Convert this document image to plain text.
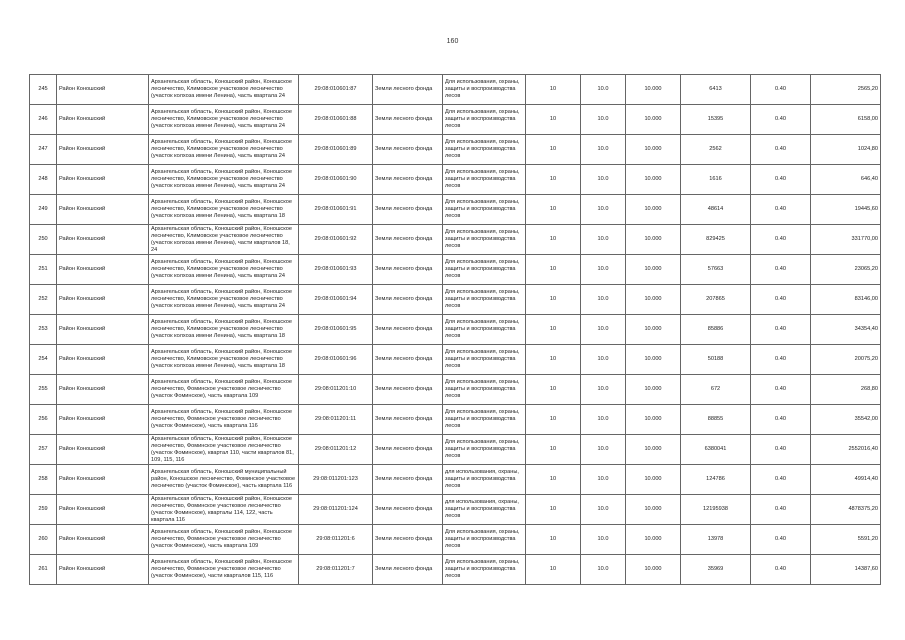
160
245	Район Коношский	Архангельская область, Коношский район, Коношское лесничество, Климовское участковое лесничество (участок колхоза имени Ленина), часть квартала 24	29:08:010601:87	Земли лесного фонда	Для использования, охраны, защиты и воспроизводства лесов	10	10.0	10.000	6413	0.40	2565,20
246	Район Коношский	Архангельская область, Коношский район, Коношское лесничество, Климовское участковое лесничество (участок колхоза имени Ленина), часть квартала 24	29:08:010601:88	Земли лесного фонда	Для использования, охраны, защиты и воспроизводства лесов	10	10.0	10.000	15395	0.40	6158,00
247	Район Коношский	Архангельская область, Коношский район, Коношское лесничество, Климовское участковое лесничество (участок колхоза имени Ленина), часть квартала 24	29:08:010601:89	Земли лесного фонда	Для использования, охраны, защиты и воспроизводства лесов	10	10.0	10.000	2562	0.40	1024,80
248	Район Коношский	Архангельская область, Коношский район, Коношское лесничество, Климовское участковое лесничество (участок колхоза имени Ленина), часть квартала 24	29:08:010601:90	Земли лесного фонда	Для использования, охраны, защиты и воспроизводства лесов	10	10.0	10.000	1616	0.40	646,40
249	Район Коношский	Архангельская область, Коношский район, Коношское лесничество, Климовское участковое лесничество (участок колхоза имени Ленина), часть квартала 18	29:08:010601:91	Земли лесного фонда	Для использования, охраны, защиты и воспроизводства лесов	10	10.0	10.000	48614	0.40	19445,60
250	Район Коношский	Архангельская область, Коношский район, Коношское лесничество, Климовское участковое лесничество (участок колхоза имени Ленина), части кварталов 18, 24	29:08:010601:92	Земли лесного фонда	Для использования, охраны, защиты и воспроизводства лесов	10	10.0	10.000	829425	0.40	331770,00
251	Район Коношский	Архангельская область, Коношский район, Коношское лесничество, Климовское участковое лесничество (участок колхоза имени Ленина), часть квартала 24	29:08:010601:93	Земли лесного фонда	Для использования, охраны, защиты и воспроизводства лесов	10	10.0	10.000	57663	0.40	23065,20
252	Район Коношский	Архангельская область, Коношский район, Коношское лесничество, Климовское участковое лесничество (участок колхоза имени Ленина), часть квартала 24	29:08:010601:94	Земли лесного фонда	Для использования, охраны, защиты и воспроизводства лесов	10	10.0	10.000	207865	0.40	83146,00
253	Район Коношский	Архангельская область, Коношский район, Коношское лесничество, Климовское участковое лесничество (участок колхоза имени Ленина), часть квартала 18	29:08:010601:95	Земли лесного фонда	Для использования, охраны, защиты и воспроизводства лесов	10	10.0	10.000	85886	0.40	34354,40
254	Район Коношский	Архангельская область, Коношский район, Коношское лесничество, Климовское участковое лесничество (участок колхоза имени Ленина), часть квартала 18	29:08:010601:96	Земли лесного фонда	Для использования, охраны, защиты и воспроизводства лесов	10	10.0	10.000	50188	0.40	20075,20
255	Район Коношский	Архангельская область, Коношский район, Коношское лесничество, Фоминское участковое лесничество (участок Фоминское), часть квартала 109	29:08:011201:10	Земли лесного фонда	Для использования, охраны, защиты и воспроизводства лесов	10	10.0	10.000	672	0.40	268,80
256	Район Коношский	Архангельская область, Коношский район, Коношское лесничество, Фоминское участковое лесничество (участок Фоминское), часть квартала 116	29:08:011201:11	Земли лесного фонда	Для использования, охраны, защиты и воспроизводства лесов	10	10.0	10.000	88855	0.40	35542,00
257	Район Коношский	Архангельская область, Коношский район, Коношское лесничество, Фоминское участковое лесничество (участок Фоминское), квартал 110, части кварталов 81, 109, 115, 116	29:08:011201:12	Земли лесного фонда	Для использования, охраны, защиты и воспроизводства лесов	10	10.0	10.000	6380041	0.40	2552016,40
258	Район Коношский	Архангельская область, Коношский муниципальный район, Коношское лесничество, Фоминское участковое лесничество (участок Фоминское), часть квартала 116	29:08:011201:123	Земли лесного фонда	для использования, охраны, защиты и воспроизводства лесов	10	10.0	10.000	124786	0.40	49914,40
259	Район Коношский	Архангельская область, Коношский район, Коношское лесничество, Фоминское участковое лесничество (участок Фоминское), кварталы 114, 122, часть квартала 116	29:08:011201:124	Земли лесного фонда	для использования, охраны, защиты и воспроизводства лесов	10	10.0	10.000	12195938	0.40	4878375,20
260	Район Коношский	Архангельская область, Коношский район, Коношское лесничество, Фоминское участковое лесничество (участок Фоминское), часть квартала 109	29:08:011201:6	Земли лесного фонда	Для использования, охраны, защиты и воспроизводства лесов	10	10.0	10.000	13978	0.40	5591,20
261	Район Коношский	Архангельская область, Коношский район, Коношское лесничество, Фоминское участковое лесничество (участок Фоминское), части кварталов 115, 116	29:08:011201:7	Земли лесного фонда	Для использования, охраны, защиты и воспроизводства лесов	10	10.0	10.000	35969	0.40	14387,60
